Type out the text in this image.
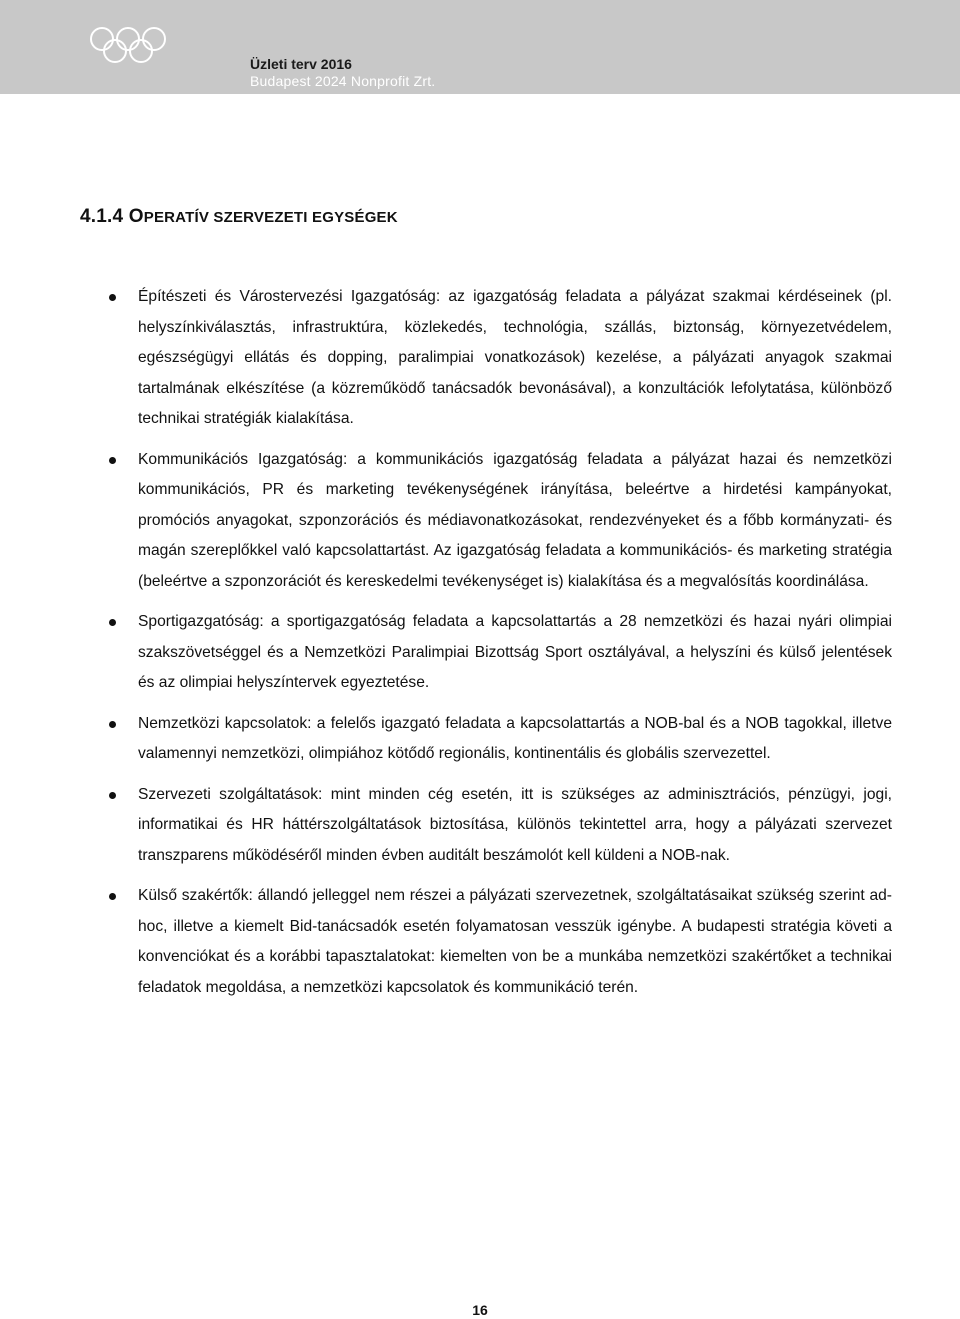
Üzleti terv 2016
Budapest 2024 Nonprofit Zrt.
4.1.4 OPERATÍV SZERVEZETI EGYSÉGEK
Építészeti és Várostervezési Igazgatóság: az igazgatóság feladata a pályázat szakmai kérdéseinek (pl. helyszínkiválasztás, infrastruktúra, közlekedés, technológia, szállás, biztonság, környezetvédelem, egészségügyi ellátás és dopping, paralimpiai vonatkozások) kezelése, a pályázati anyagok szakmai tartalmának elkészítése (a közreműködő tanácsadók bevonásával), a konzultációk lefolytatása, különböző technikai stratégiák kialakítása.
Kommunikációs Igazgatóság: a kommunikációs igazgatóság feladata a pályázat hazai és nemzetközi kommunikációs, PR és marketing tevékenységének irányítása, beleértve a hirdetési kampányokat, promóciós anyagokat, szponzorációs és médiavonatkozásokat, rendezvényeket és a főbb kormányzati- és magán szereplőkkel való kapcsolattartást. Az igazgatóság feladata a kommunikációs- és marketing stratégia (beleértve a szponzorációt és kereskedelmi tevékenységet is) kialakítása és a megvalósítás koordinálása.
Sportigazgatóság: a sportigazgatóság feladata a kapcsolattartás a 28 nemzetközi és hazai nyári olimpiai szakszövetséggel és a Nemzetközi Paralimpiai Bizottság Sport osztályával, a helyszíni és külső jelentések és az olimpiai helyszíntervek egyeztetése.
Nemzetközi kapcsolatok: a felelős igazgató feladata a kapcsolattartás a NOB-bal és a NOB tagokkal, illetve valamennyi nemzetközi, olimpiához kötődő regionális, kontinentális és globális szervezettel.
Szervezeti szolgáltatások: mint minden cég esetén, itt is szükséges az adminisztrációs, pénzügyi, jogi, informatikai és HR háttérszolgáltatások biztosítása, különös tekintettel arra, hogy a pályázati szervezet transzparens működéséről minden évben auditált beszámolót kell küldeni a NOB-nak.
Külső szakértők: állandó jelleggel nem részei a pályázati szervezetnek, szolgáltatásaikat szükség szerint ad-hoc, illetve a kiemelt Bid-tanácsadók esetén folyamatosan vesszük igénybe. A budapesti stratégia követi a konvenciókat és a korábbi tapasztalatokat: kiemelten von be a munkába nemzetközi szakértőket a technikai feladatok megoldása, a nemzetközi kapcsolatok és kommunikáció terén.
16
